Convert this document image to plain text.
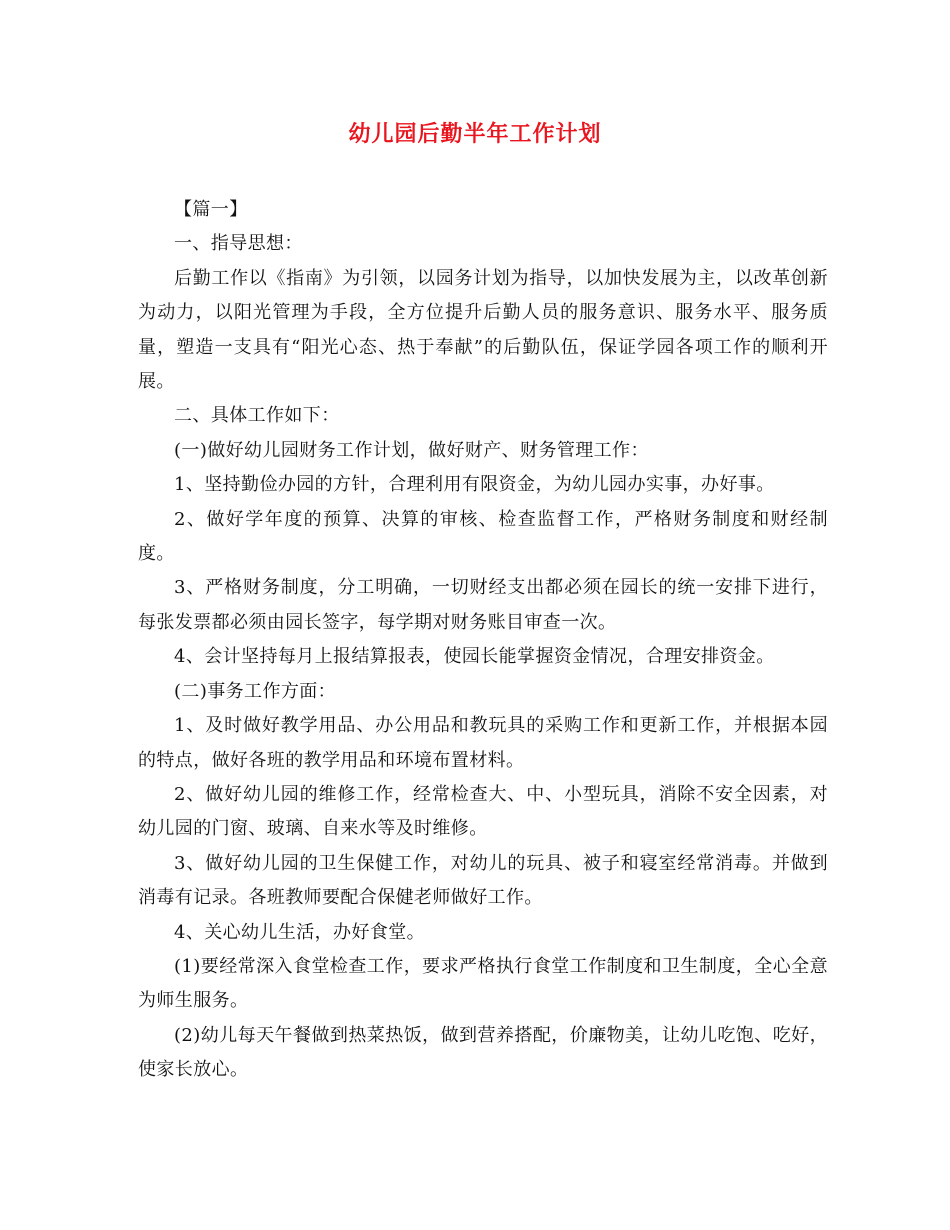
幼儿园后勤半年工作计划

【篇一】

一、指导思想：

后勤工作以《指南》为引领，以园务计划为指导，以加快发展为主，以改革创新为动力，以阳光管理为手段，全方位提升后勤人员的服务意识、服务水平、服务质量，塑造一支具有“阳光心态、热于奉献”的后勤队伍，保证学园各项工作的顺利开展。

二、具体工作如下：

(一)做好幼儿园财务工作计划，做好财产、财务管理工作：

1、坚持勤俭办园的方针，合理利用有限资金，为幼儿园办实事，办好事。

2、做好学年度的预算、决算的审核、检查监督工作，严格财务制度和财经制度。

3、严格财务制度，分工明确，一切财经支出都必须在园长的统一安排下进行，每张发票都必须由园长签字，每学期对财务账目审查一次。

4、会计坚持每月上报结算报表，使园长能掌握资金情况，合理安排资金。

(二)事务工作方面：

1、及时做好教学用品、办公用品和教玩具的采购工作和更新工作，并根据本园的特点，做好各班的教学用品和环境布置材料。

2、做好幼儿园的维修工作，经常检查大、中、小型玩具，消除不安全因素，对幼儿园的门窗、玻璃、自来水等及时维修。

3、做好幼儿园的卫生保健工作，对幼儿的玩具、被子和寝室经常消毒。并做到消毒有记录。各班教师要配合保健老师做好工作。

4、关心幼儿生活，办好食堂。

(1)要经常深入食堂检查工作，要求严格执行食堂工作制度和卫生制度，全心全意为师生服务。

(2)幼儿每天午餐做到热菜热饭，做到营养搭配，价廉物美，让幼儿吃饱、吃好，使家长放心。
